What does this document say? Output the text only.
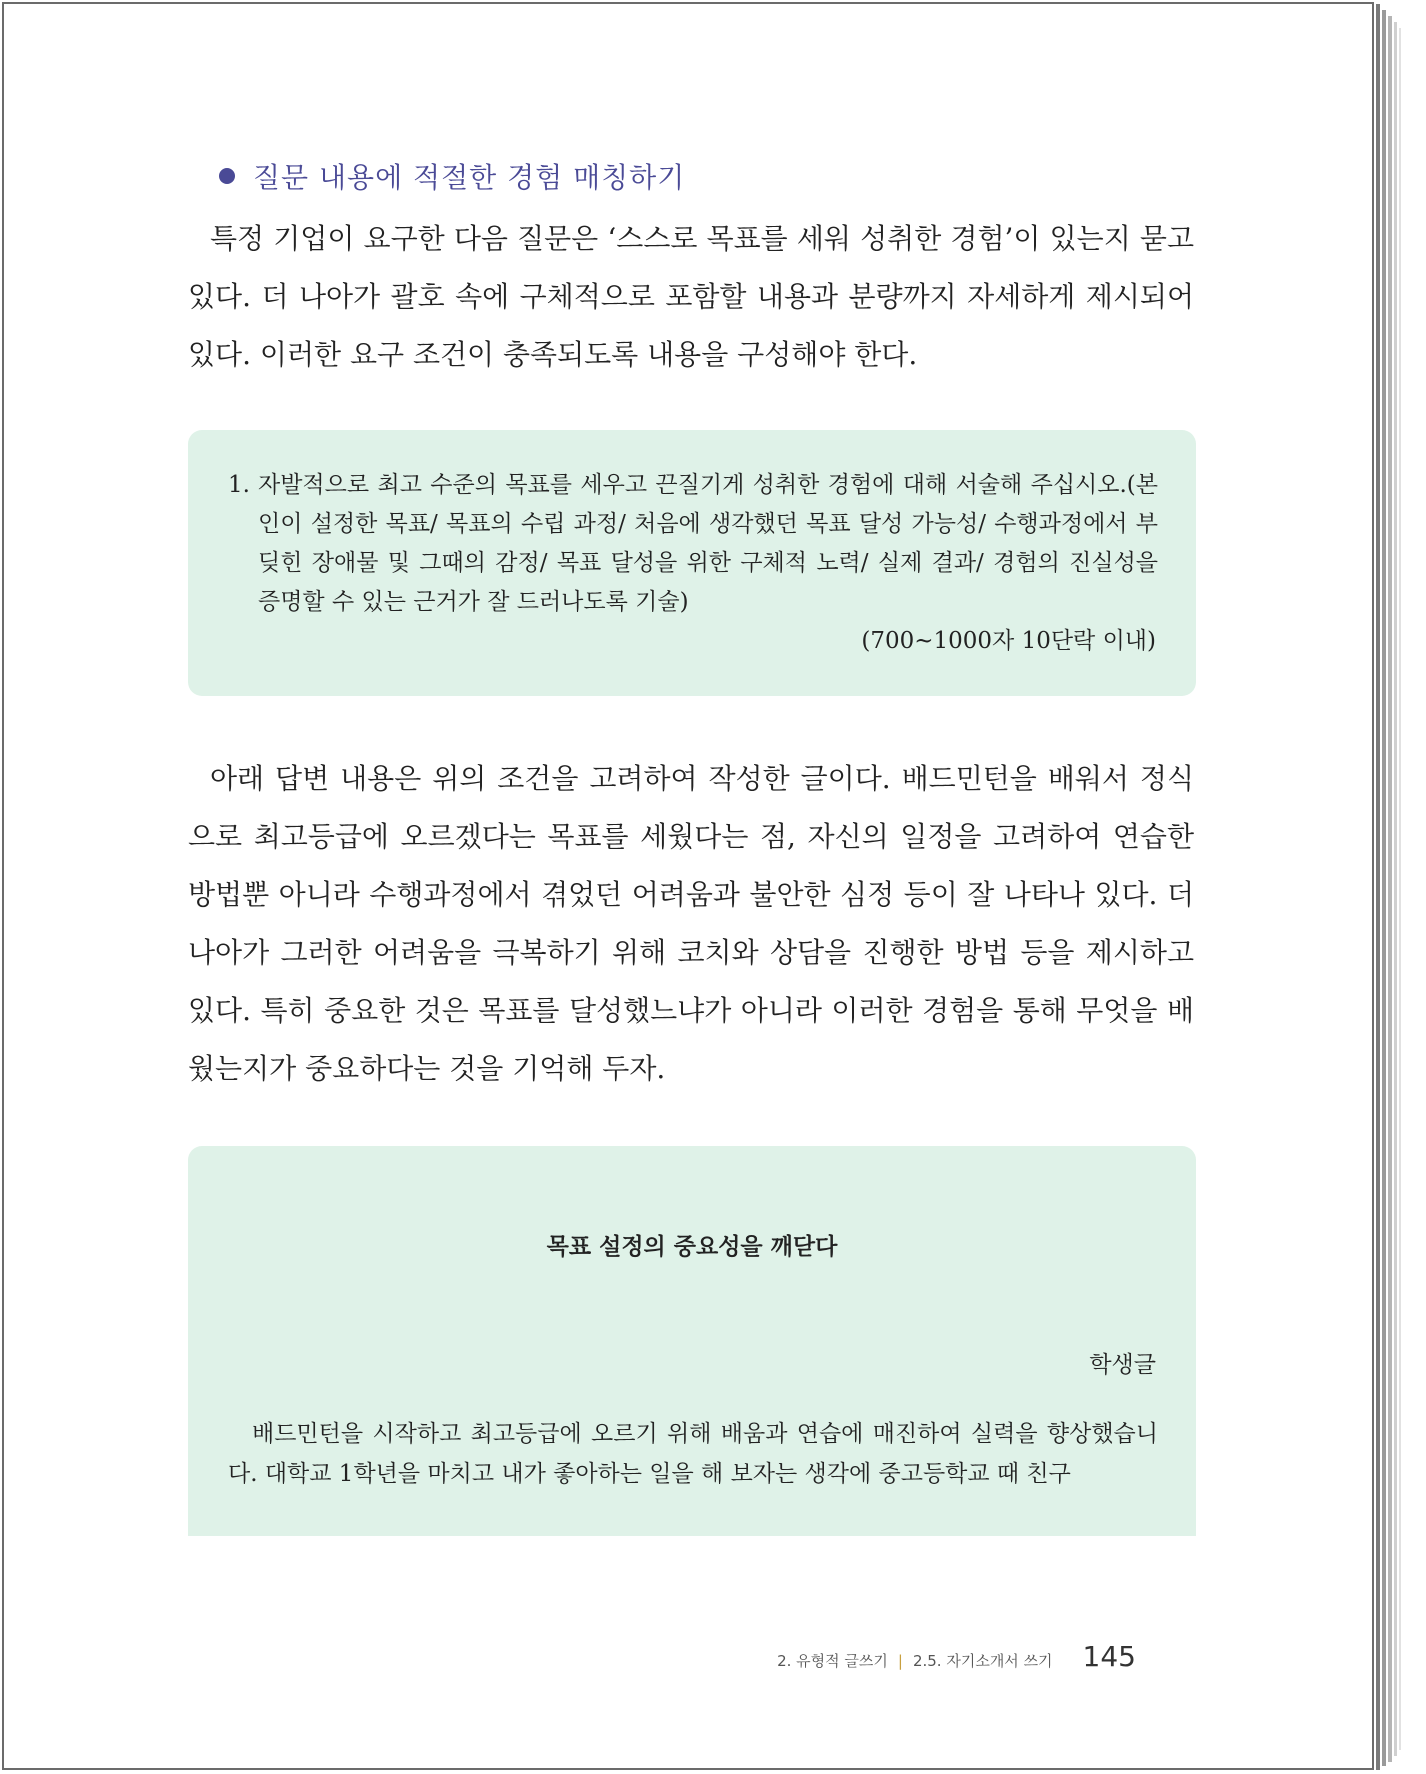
질문 내용에 적절한 경험 매칭하기
특정 기업이 요구한 다음 질문은 ‘스스로 목표를 세워 성취한 경험’이 있는지 묻고 있다. 더 나아가 괄호 속에 구체적으로 포함할 내용과 분량까지 자세하게 제시되어 있다. 이러한 요구 조건이 충족되도록 내용을 구성해야 한다.
1. 자발적으로 최고 수준의 목표를 세우고 끈질기게 성취한 경험에 대해 서술해 주십시오.(본인이 설정한 목표/ 목표의 수립 과정/ 처음에 생각했던 목표 달성 가능성/ 수행과정에서 부딪힌 장애물 및 그때의 감정/ 목표 달성을 위한 구체적 노력/ 실제 결과/ 경험의 진실성을 증명할 수 있는 근거가 잘 드러나도록 기술)
(700~1000자 10단락 이내)
아래 답변 내용은 위의 조건을 고려하여 작성한 글이다. 배드민턴을 배워서 정식으로 최고등급에 오르겠다는 목표를 세웠다는 점, 자신의 일정을 고려하여 연습한 방법뿐 아니라 수행과정에서 겪었던 어려움과 불안한 심정 등이 잘 나타나 있다. 더 나아가 그러한 어려움을 극복하기 위해 코치와 상담을 진행한 방법 등을 제시하고 있다. 특히 중요한 것은 목표를 달성했느냐가 아니라 이러한 경험을 통해 무엇을 배웠는지가 중요하다는 것을 기억해 두자.
목표 설정의 중요성을 깨닫다
학생글
배드민턴을 시작하고 최고등급에 오르기 위해 배움과 연습에 매진하여 실력을 향상했습니다. 대학교 1학년을 마치고 내가 좋아하는 일을 해 보자는 생각에 중고등학교 때 친구
2. 유형적 글쓰기 | 2.5. 자기소개서 쓰기 145
